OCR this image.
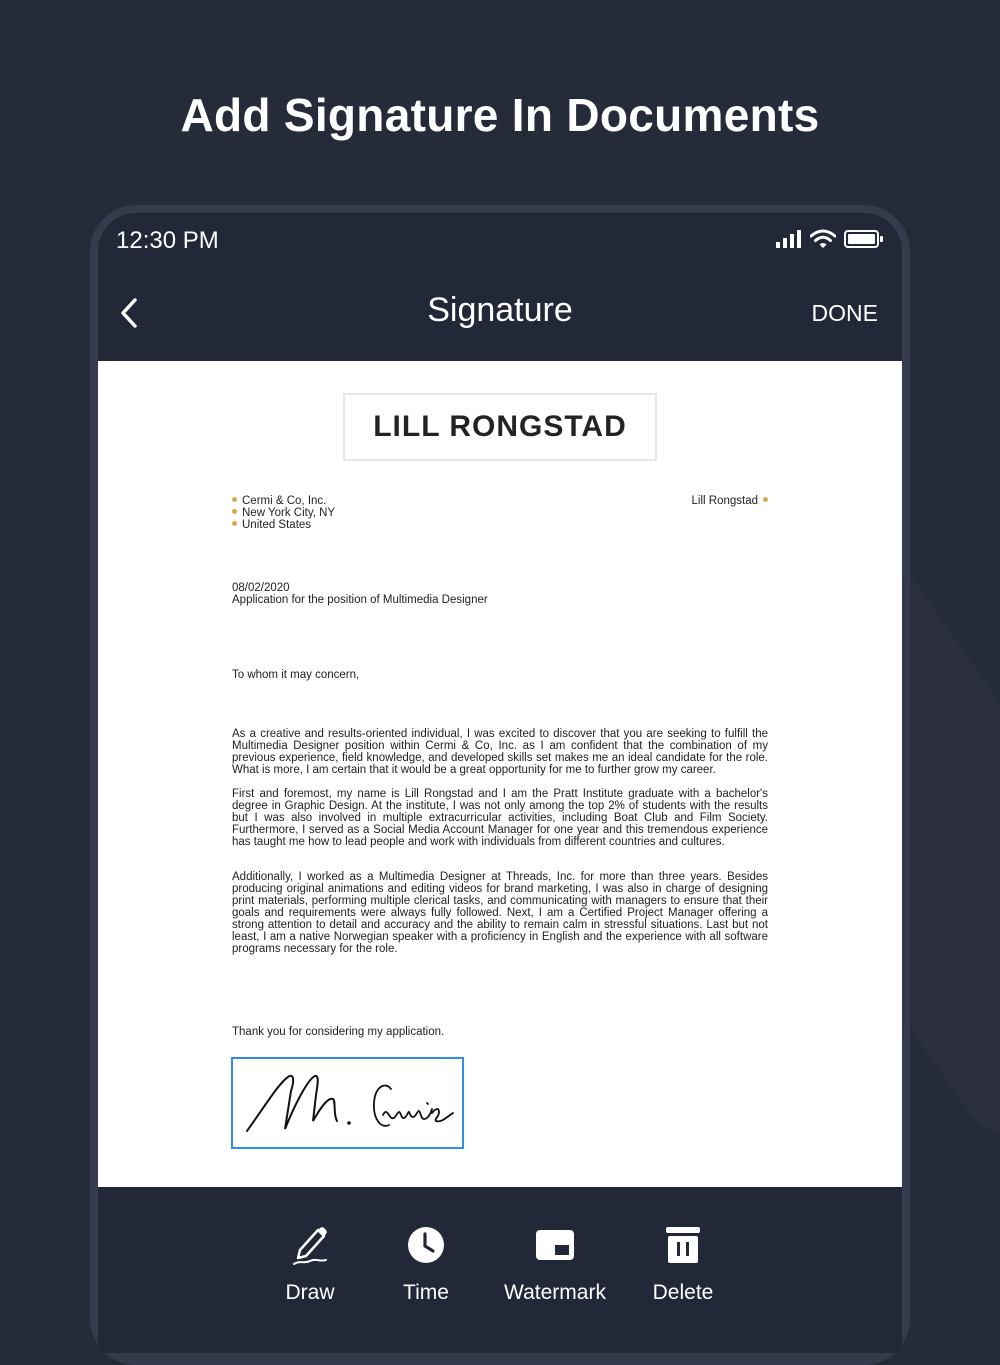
Add Signature In Documents
12:30 PM
Signature	DONE
LILL RONGSTAD
Cermi & Co, Inc.
New York City, NY
United States
Lill Rongstad
08/02/2020
Application for the position of Multimedia Designer
To whom it may concern,
As a creative and results-oriented individual, I was excited to discover that you are seeking to fulfill the Multimedia Designer position within Cermi & Co, Inc. as I am confident that the combination of my previous experience, field knowledge, and developed skills set makes me an ideal candidate for the role. What is more, I am certain that it would be a great opportunity for me to further grow my career.
First and foremost, my name is Lill Rongstad and I am the Pratt Institute graduate with a bachelor's degree in Graphic Design. At the institute, I was not only among the top 2% of students with the results but I was also involved in multiple extracurricular activities, including Boat Club and Film Society. Furthermore, I served as a Social Media Account Manager for one year and this tremendous experience has taught me how to lead people and work with individuals from different countries and cultures.
Additionally, I worked as a Multimedia Designer at Threads, Inc. for more than three years. Besides producing original animations and editing videos for brand marketing, I was also in charge of designing print materials, performing multiple clerical tasks, and communicating with managers to ensure that their goals and requirements were always fully followed. Next, I am a Certified Project Manager offering a strong attention to detail and accuracy and the ability to remain calm in stressful situations. Last but not least, I am a native Norwegian speaker with a proficiency in English and the experience with all software programs necessary for the role.
Thank you for considering my application.
Draw	Time	Watermark Delete
